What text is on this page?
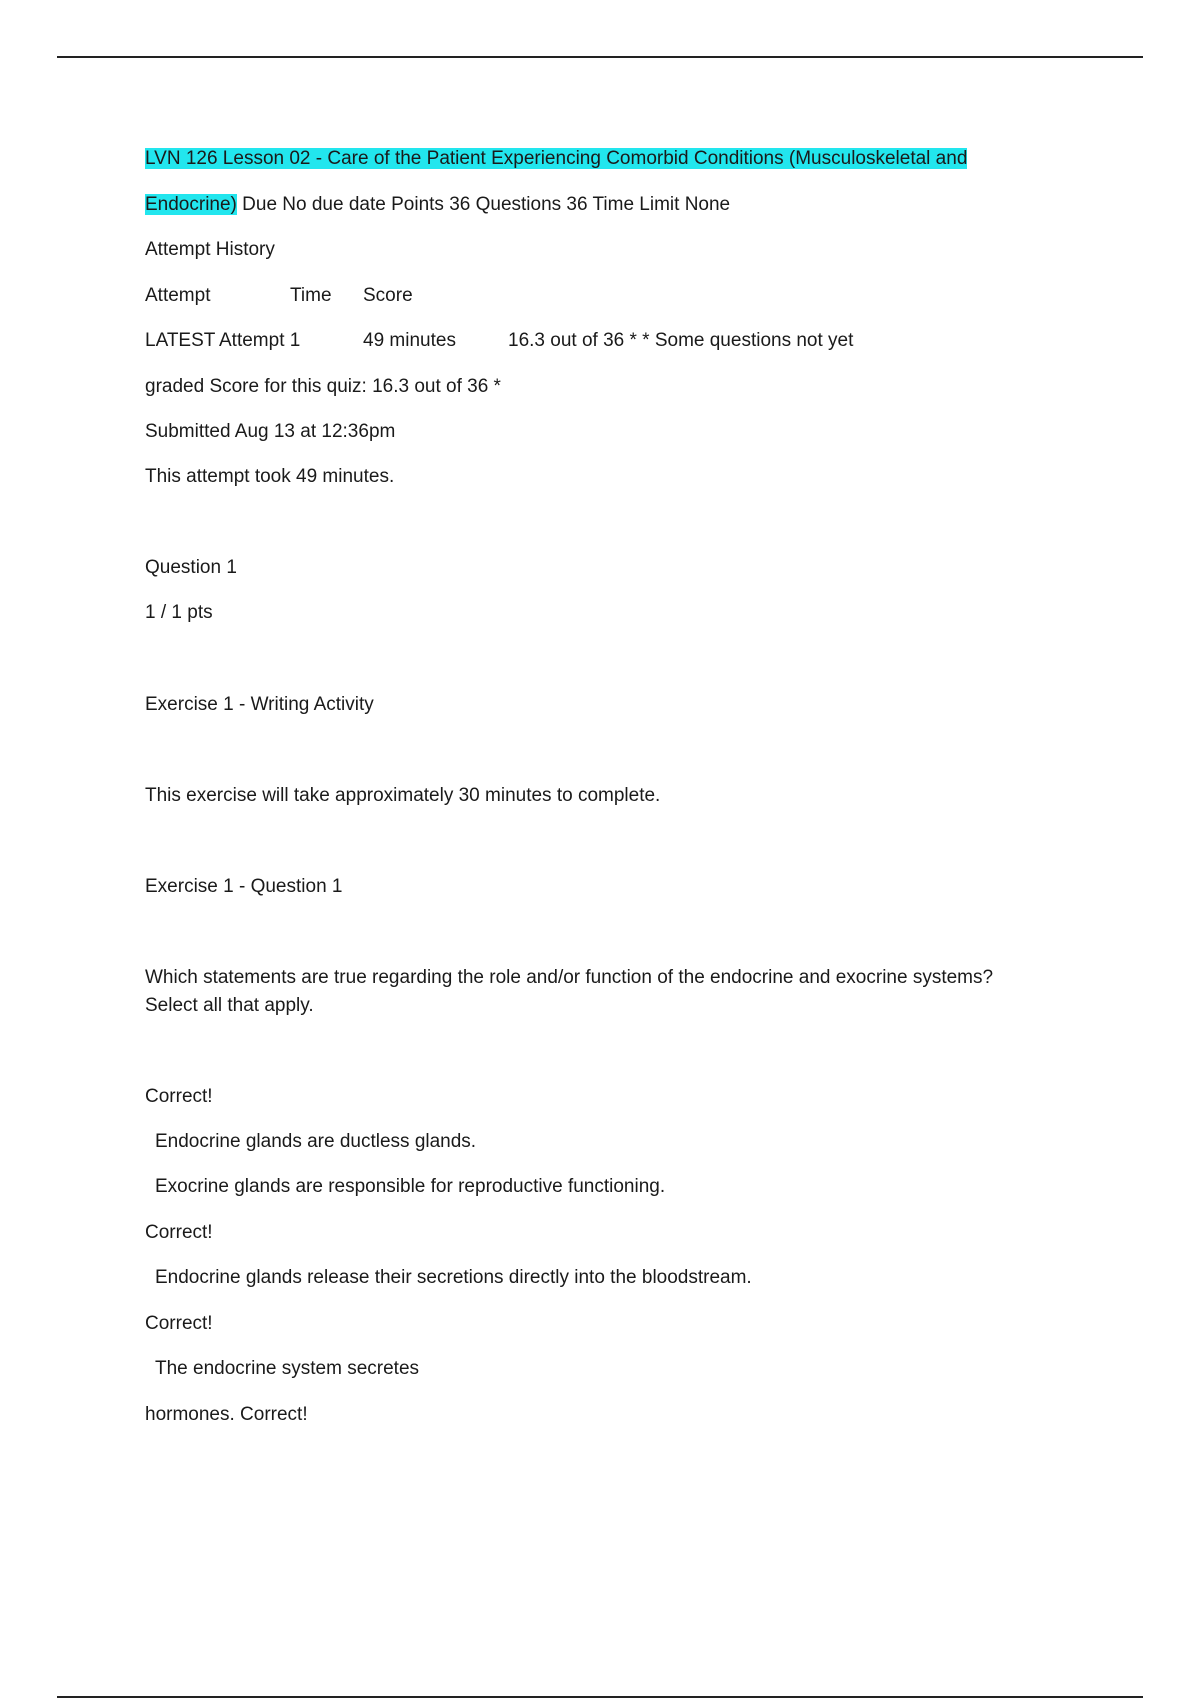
LVN 126 Lesson 02 - Care of the Patient Experiencing Comorbid Conditions (Musculoskeletal and
Endocrine) Due No due date Points 36 Questions 36 Time Limit None
Attempt History
Attempt	Time Score
LATEST Attempt 1	49 minutes	16.3 out of 36 * * Some questions not yet
graded Score for this quiz: 16.3 out of 36 *
Submitted Aug 13 at 12:36pm
This attempt took 49 minutes.
Question 1
1 / 1 pts
Exercise 1 - Writing Activity
This exercise will take approximately 30 minutes to complete.
Exercise 1 - Question 1
Which statements are true regarding the role and/or function of the endocrine and exocrine systems? Select all that apply.
Correct!
Endocrine glands are ductless glands.
Exocrine glands are responsible for reproductive functioning.
Correct!
Endocrine glands release their secretions directly into the bloodstream.
Correct!
The endocrine system secretes
hormones. Correct!
